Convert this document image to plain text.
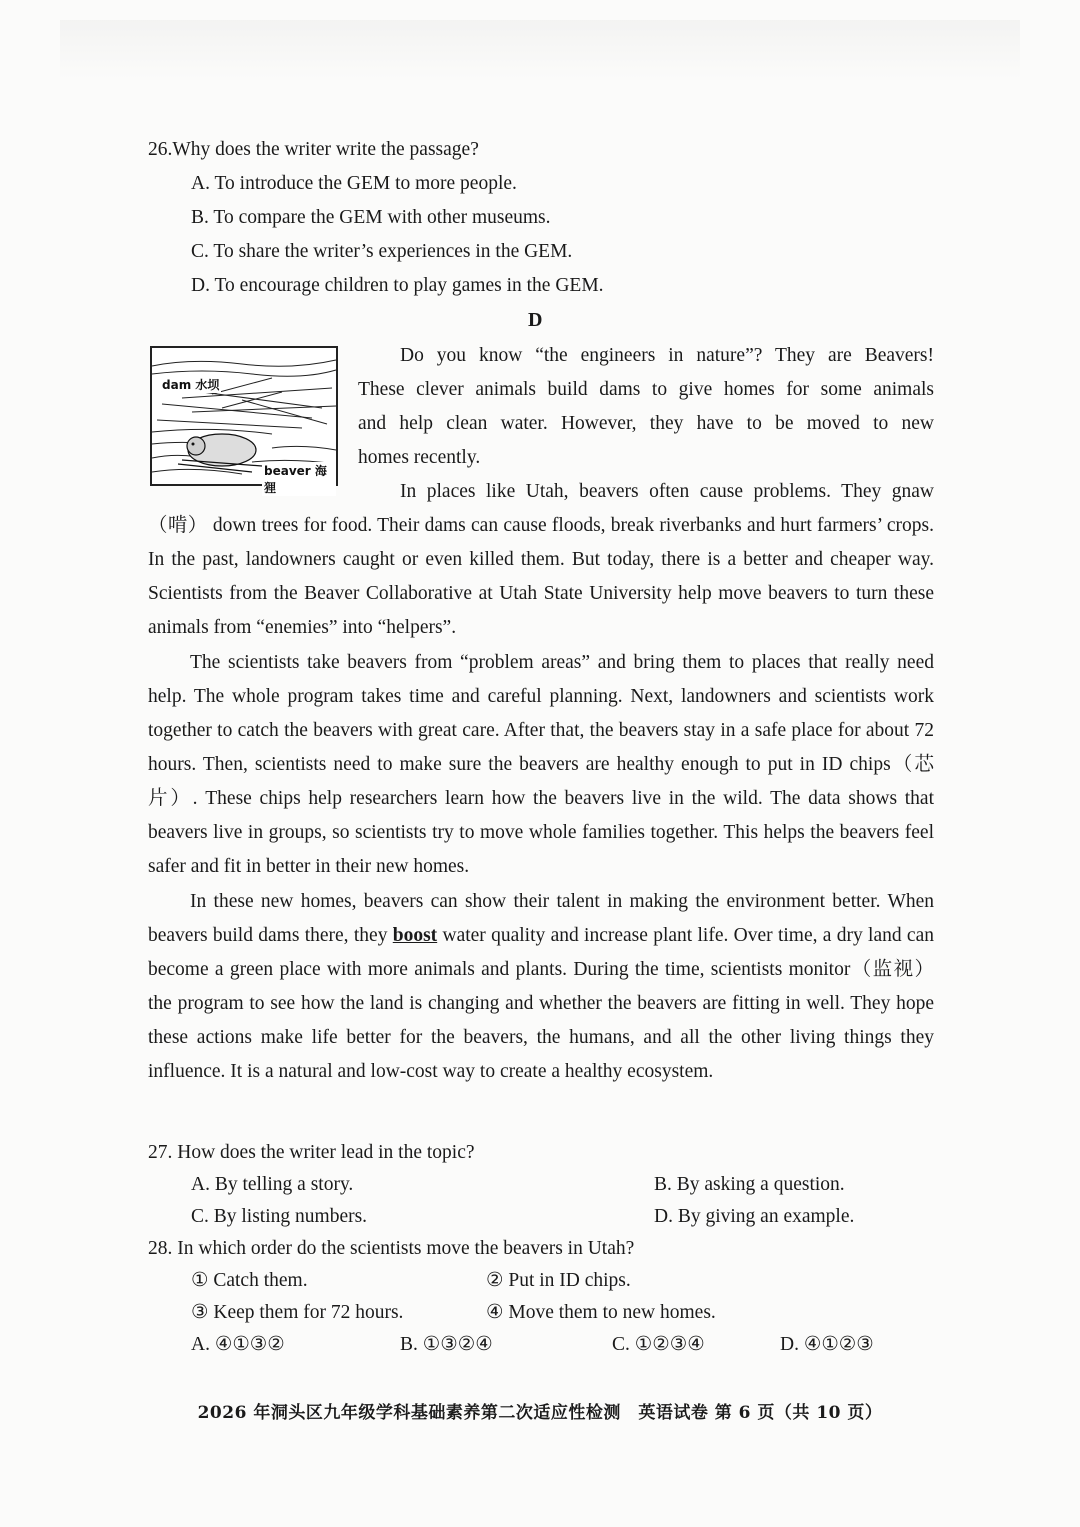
26.Why does the writer write the passage?
A. To introduce the GEM to more people.
B. To compare the GEM with other museums.
C. To share the writer’s experiences in the GEM.
D. To encourage children to play games in the GEM.
D
dam 水坝
beaver 海狸
Do you know “the engineers in nature”? They are Beavers!
These clever animals build dams to give homes for some animals
and help clean water. However, they have to be moved to new
homes recently.
In places like Utah, beavers often cause problems. They gnaw
（啃） down trees for food. Their dams can cause floods, break riverbanks and hurt farmers’ crops. In the past, landowners caught or even killed them. But today, there is a better and cheaper way. Scientists from the Beaver Collaborative at Utah State University help move beavers to turn these animals from “enemies” into “helpers”.
The scientists take beavers from “problem areas” and bring them to places that really need help. The whole program takes time and careful planning. Next, landowners and scientists work together to catch the beavers with great care. After that, the beavers stay in a safe place for about 72 hours. Then, scientists need to make sure the beavers are healthy enough to put in ID chips（芯片）. These chips help researchers learn how the beavers live in the wild. The data shows that beavers live in groups, so scientists try to move whole families together. This helps the beavers feel safer and fit in better in their new homes.
In these new homes, beavers can show their talent in making the environment better. When beavers build dams there, they boost water quality and increase plant life. Over time, a dry land can become a green place with more animals and plants. During the time, scientists monitor（监视） the program to see how the land is changing and whether the beavers are fitting in well. They hope these actions make life better for the beavers, the humans, and all the other living things they influence. It is a natural and low-cost way to create a healthy ecosystem.
27. How does the writer lead in the topic?
A. By telling a story.	B. By asking a question.
C. By listing numbers.	D. By giving an example.
28. In which order do the scientists move the beavers in Utah?
① Catch them.	② Put in ID chips.
③ Keep them for 72 hours.	④ Move them to new homes.
A. ④①③②	B. ①③②④	C. ①②③④	D. ④①②③
2026 年洞头区九年级学科基础素养第二次适应性检测　英语试卷 第 6 页（共 10 页）
